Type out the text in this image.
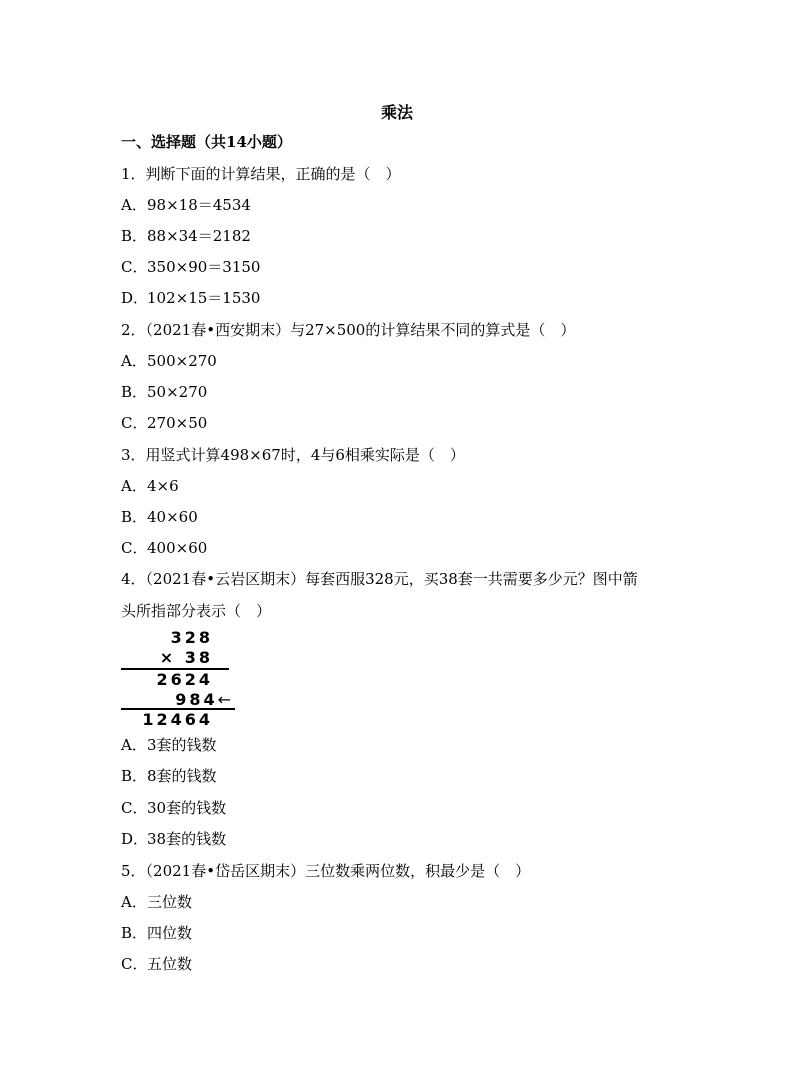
乘法
一、选择题（共14小题）
1．判断下面的计算结果，正确的是（　）
A．98×18＝4534
B．88×34＝2182
C．350×90＝3150
D．102×15＝1530
2．（2021春•西安期末）与27×500的计算结果不同的算式是（　）
A．500×270
B．50×270
C．270×50
3．用竖式计算498×67时，4与6相乘实际是（　）
A．4×6
B．40×60
C．400×60
4．（2021春•云岩区期末）每套西服328元，买38套一共需要多少元？图中箭
头所指部分表示（　）
328
× 38
2624
984←
12464
A．3套的钱数
B．8套的钱数
C．30套的钱数
D．38套的钱数
5．（2021春•岱岳区期末）三位数乘两位数，积最少是（　）
A．三位数
B．四位数
C．五位数
